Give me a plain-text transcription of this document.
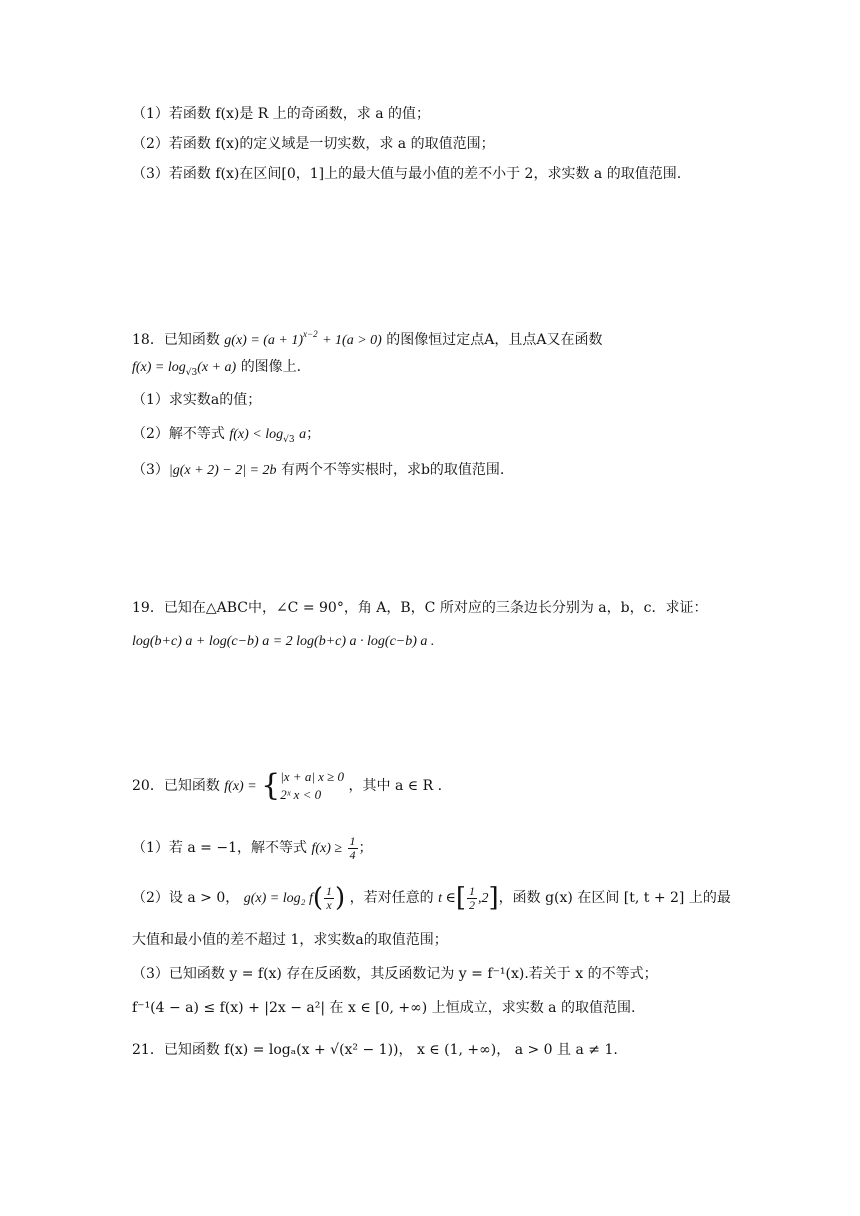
（1）若函数 f(x)是 R 上的奇函数，求 a 的值；
（2）若函数 f(x)的定义域是一切实数，求 a 的取值范围；
（3）若函数 f(x)在区间[0，1]上的最大值与最小值的差不小于 2，求实数 a 的取值范围.
18．已知函数 $g(x) = (a + 1)^{x-2} + 1(a > 0)$ 的图像恒过定点A，且点A又在函数
$f(x) = \log_{√3}(x + a)$ 的图像上.
（1）求实数a的值；
（2）解不等式 $f(x) < \log_{√3} a$；
（3）|g(x + 2) − 2| = 2b 有两个不等实根时，求b的取值范围.
19．已知在△ABC中，∠C = 90°，角 A，B，C 所对应的三条边长分别为 a，b，c．求证：
log(b+c) a + log(c−b) a = 2 log(b+c) a · log(c−b) a .
20．已知函数 f(x) = { |x + a| x ≥ 0
2ˣ x < 0
，其中 a ∈ R .
（1）若 a = −1，解不等式 $f(x) \ge \frac{1}{4}$ ；
（2）设 a > 0， g(x) = log₂ $f( \frac{1}{x}$ ) ，若对任意的 t ∈[ $\frac{1}{2} ,2$]，函数 g(x) 在区间 [t, t + 2] 上的最
大值和最小值的差不超过 1，求实数a的取值范围；
（3）已知函数 y = f(x) 存在反函数，其反函数记为 y = f⁻¹(x).若关于 x 的不等式；
f⁻¹(4 − a) ≤ f(x) + |2x − a²| 在 x ∈ [0, +∞) 上恒成立，求实数 a 的取值范围.
21．已知函数 f(x) = logₐ(x + √(x² − 1))， x ∈ (1, +∞)， a > 0 且 a ≠ 1.
